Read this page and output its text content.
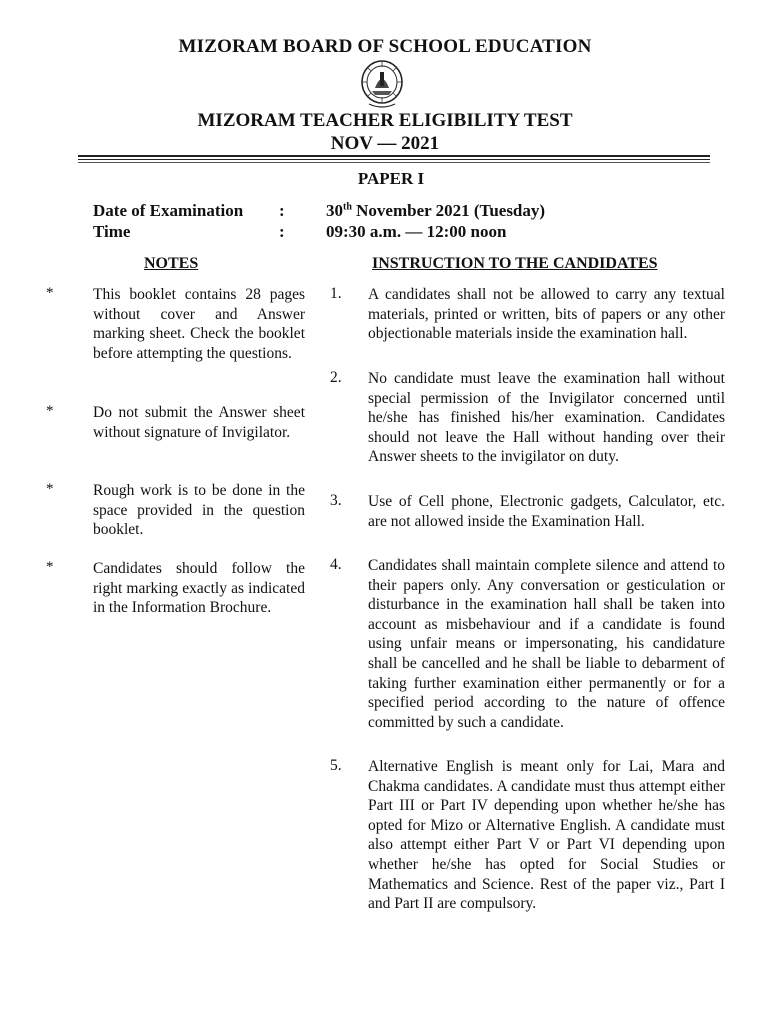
MIZORAM BOARD OF SCHOOL EDUCATION
MIZORAM TEACHER ELIGIBILITY TEST
NOV — 2021
PAPER I
Date of Examination : 30th November 2021 (Tuesday)
Time	: 09:30 a.m. — 12:00 noon
NOTES	INSTRUCTION TO THE CANDIDATES
*	This booklet contains 28 pages without cover and Answer marking sheet. Check the booklet before attempting the questions.
*	Do not submit the Answer sheet without signature of Invigilator.
*	Rough work is to be done in the space provided in the question booklet.
*	Candidates should follow the right marking exactly as indicated in the Information Brochure.
1. A candidates shall not be allowed to carry any textual materials, printed or written, bits of papers or any other objectionable materials inside the examination hall.
2. No candidate must leave the examination hall without special permission of the Invigilator concerned until he/she has finished his/her examination. Candidates should not leave the Hall without handing over their Answer sheets to the invigilator on duty.
3. Use of Cell phone, Electronic gadgets, Calculator, etc. are not allowed inside the Examination Hall.
4. Candidates shall maintain complete silence and attend to their papers only. Any conversation or gesticulation or disturbance in the examination hall shall be taken into account as misbehaviour and if a candidate is found using unfair means or impersonating, his candidature shall be cancelled and he shall be liable to debarment of taking further examination either permanently or for a specified period according to the nature of offence committed by such a candidate.
5. Alternative English is meant only for Lai, Mara and Chakma candidates. A candidate must thus attempt either Part III or Part IV depending upon whether he/she has opted for Mizo or Alternative English. A candidate must also attempt either Part V or Part VI depending upon whether he/she has opted for Social Studies or Mathematics and Science. Rest of the paper viz., Part I and Part II are compulsory.
